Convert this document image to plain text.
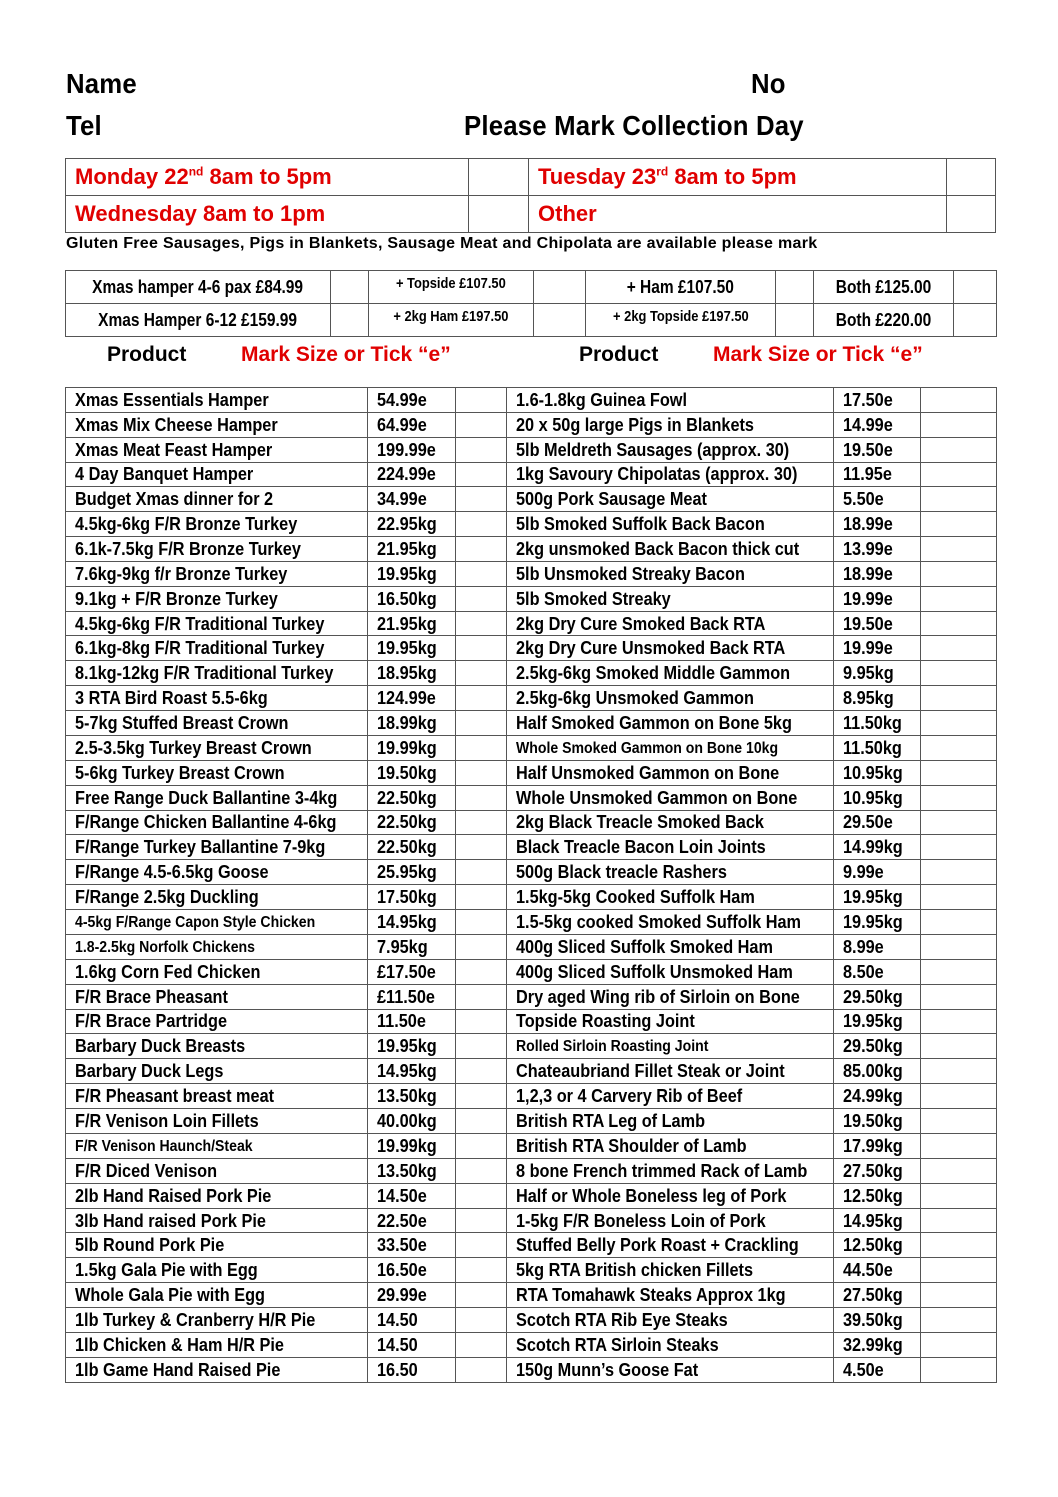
Name	No
Tel	Please Mark Collection Day
Monday 22nd 8am to 5pm		Tuesday 23rd 8am to 5pm	
Wednesday 8am to 1pm		Other	
Gluten Free Sausages, Pigs in Blankets, Sausage Meat and Chipolata are available please mark
Xmas hamper 4-6 pax £84.99		+ Topside £107.50		+ Ham £107.50		Both £125.00	
Xmas Hamper 6-12 £159.99		+ 2kg Ham £197.50		+ 2kg Topside £197.50		Both £220.00	
Product	Mark Size or Tick “e”	Product	Mark Size or Tick “e”
Xmas Essentials Hamper	54.99e		1.6-1.8kg Guinea Fowl	17.50e	
Xmas Mix Cheese Hamper	64.99e		20 x 50g large Pigs in Blankets	14.99e	
Xmas Meat Feast Hamper	199.99e		5lb Meldreth Sausages (approx. 30)	19.50e	
4 Day Banquet Hamper	224.99e		1kg Savoury Chipolatas (approx. 30)	11.95e	
Budget Xmas dinner for 2	34.99e		500g Pork Sausage Meat	5.50e	
4.5kg-6kg F/R Bronze Turkey	22.95kg		5lb Smoked Suffolk Back Bacon	18.99e	
6.1k-7.5kg F/R Bronze Turkey	21.95kg		2kg unsmoked Back Bacon thick cut	13.99e	
7.6kg-9kg f/r Bronze Turkey	19.95kg		5lb Unsmoked Streaky Bacon	18.99e	
9.1kg + F/R Bronze Turkey	16.50kg		5lb Smoked Streaky	19.99e	
4.5kg-6kg F/R Traditional Turkey	21.95kg		2kg Dry Cure Smoked Back RTA	19.50e	
6.1kg-8kg F/R Traditional Turkey	19.95kg		2kg Dry Cure Unsmoked Back RTA	19.99e	
8.1kg-12kg F/R Traditional Turkey	18.95kg		2.5kg-6kg Smoked Middle Gammon	9.95kg	
3 RTA Bird Roast 5.5-6kg	124.99e		2.5kg-6kg Unsmoked Gammon	8.95kg	
5-7kg Stuffed Breast Crown	18.99kg		Half Smoked Gammon on Bone 5kg	11.50kg	
2.5-3.5kg Turkey Breast Crown	19.99kg		Whole Smoked Gammon on Bone 10kg	11.50kg	
5-6kg Turkey Breast Crown	19.50kg		Half Unsmoked Gammon on Bone	10.95kg	
Free Range Duck Ballantine 3-4kg	22.50kg		Whole Unsmoked Gammon on Bone	10.95kg	
F/Range Chicken Ballantine 4-6kg	22.50kg		2kg Black Treacle Smoked Back	29.50e	
F/Range Turkey Ballantine 7-9kg	22.50kg		Black Treacle Bacon Loin Joints	14.99kg	
F/Range 4.5-6.5kg Goose	25.95kg		500g Black treacle Rashers	9.99e	
F/Range 2.5kg Duckling	17.50kg		1.5kg-5kg Cooked Suffolk Ham	19.95kg	
4-5kg F/Range Capon Style Chicken	14.95kg		1.5-5kg cooked Smoked Suffolk Ham	19.95kg	
1.8-2.5kg Norfolk Chickens	7.95kg		400g Sliced Suffolk Smoked Ham	8.99e	
1.6kg Corn Fed Chicken	£17.50e		400g Sliced Suffolk Unsmoked Ham	8.50e	
F/R Brace Pheasant	£11.50e		Dry aged Wing rib of Sirloin on Bone	29.50kg	
F/R Brace Partridge	11.50e		Topside Roasting Joint	19.95kg	
Barbary Duck Breasts	19.95kg		Rolled Sirloin Roasting Joint	29.50kg	
Barbary Duck Legs	14.95kg		Chateaubriand Fillet Steak or Joint	85.00kg	
F/R Pheasant breast meat	13.50kg		1,2,3 or 4 Carvery Rib of Beef	24.99kg	
F/R Venison Loin Fillets	40.00kg		British RTA Leg of Lamb	19.50kg	
F/R Venison Haunch/Steak	19.99kg		British RTA Shoulder of Lamb	17.99kg	
F/R Diced Venison	13.50kg		8 bone French trimmed Rack of Lamb	27.50kg	
2lb Hand Raised Pork Pie	14.50e		Half or Whole Boneless leg of Pork	12.50kg	
3lb Hand raised Pork Pie	22.50e		1-5kg F/R Boneless Loin of Pork	14.95kg	
5lb Round Pork Pie	33.50e		Stuffed Belly Pork Roast + Crackling	12.50kg	
1.5kg Gala Pie with Egg	16.50e		5kg RTA British chicken Fillets	44.50e	
Whole Gala Pie with Egg	29.99e		RTA Tomahawk Steaks Approx 1kg	27.50kg	
1lb Turkey & Cranberry H/R Pie	14.50		Scotch RTA Rib Eye Steaks	39.50kg	
1lb Chicken & Ham H/R Pie	14.50		Scotch RTA Sirloin Steaks	32.99kg	
1lb Game Hand Raised Pie	16.50		150g Munn’s Goose Fat	4.50e	
